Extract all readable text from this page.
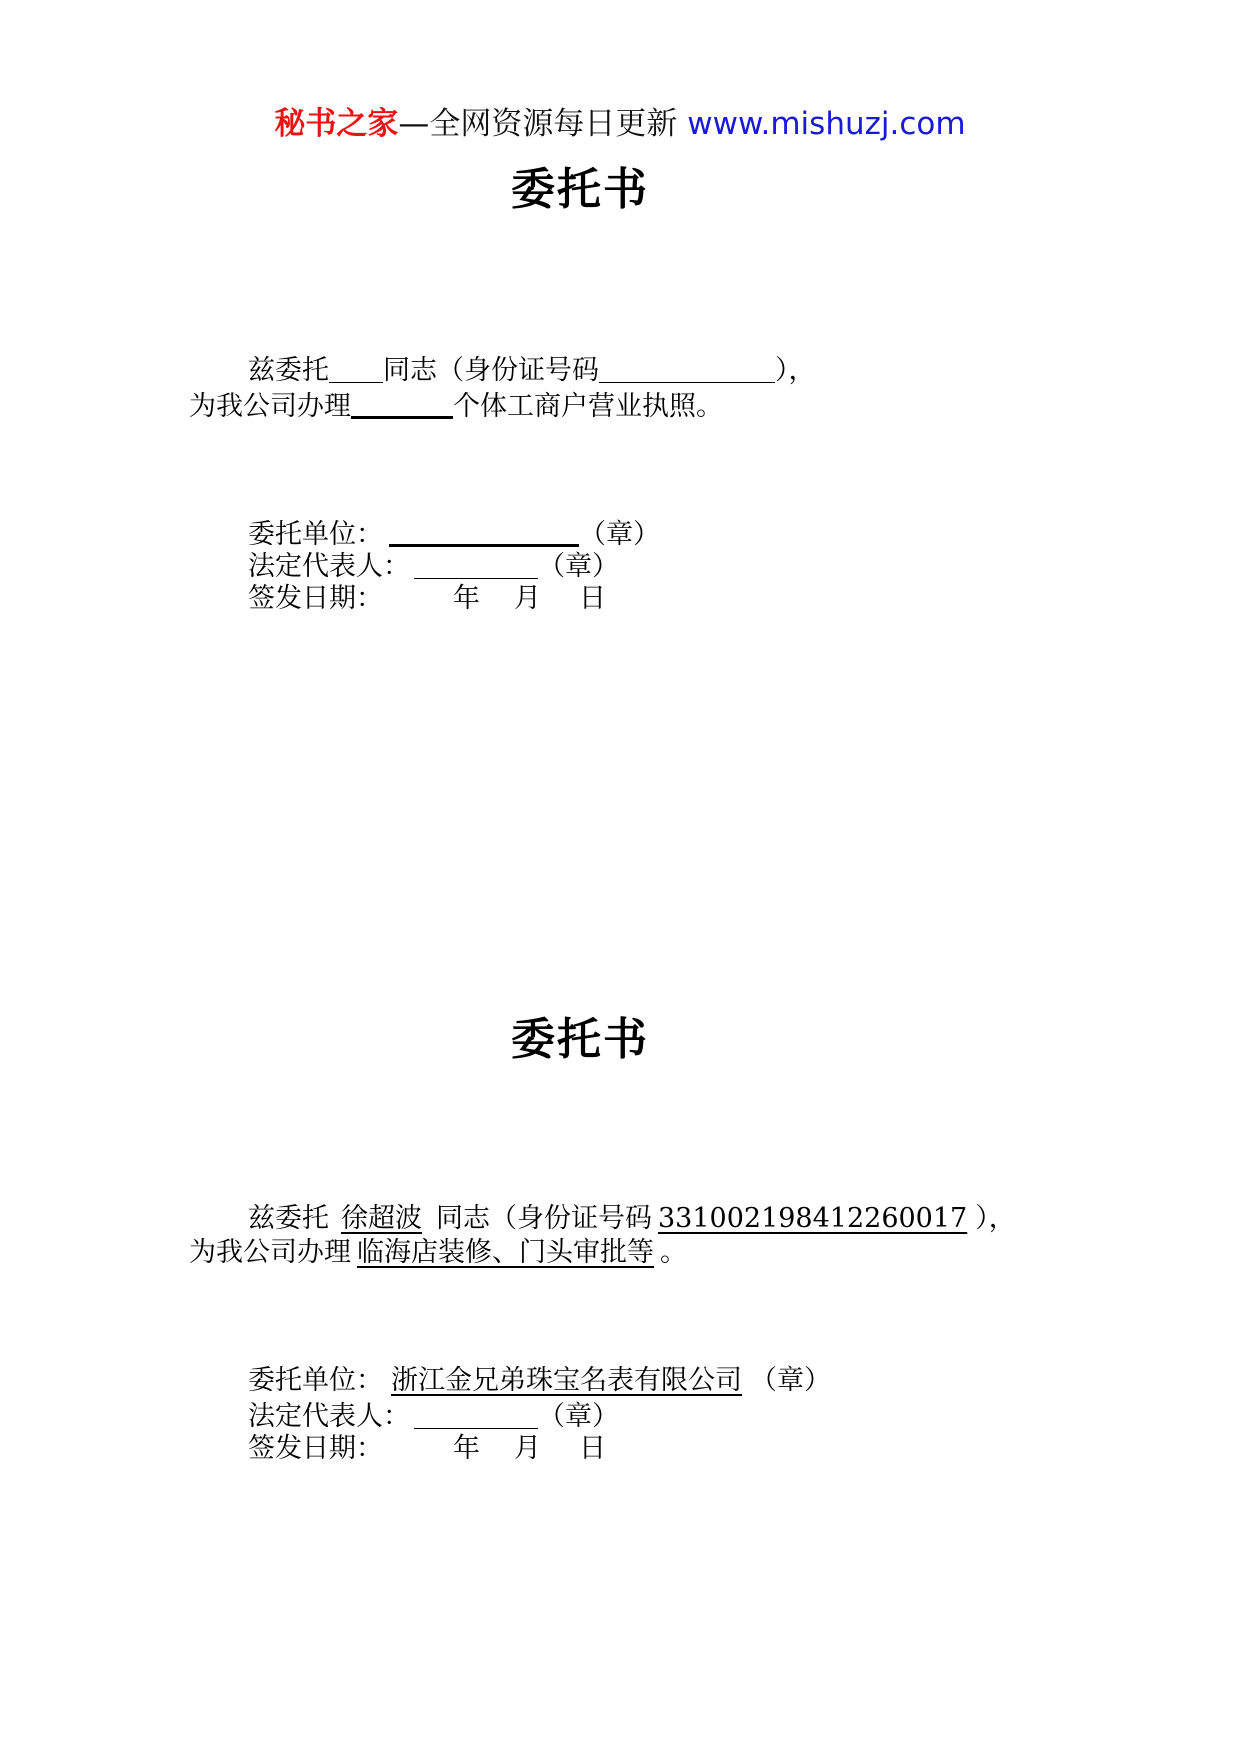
秘书之家—全网资源每日更新 www.mishuzj.com
委托书
兹委托 同志（身份证号码	），
为我公司办理	个体工商户营业执照。
委托单位：	（章）
法定代表人：	（章）
签发日期：	年 月 日
委托书
兹委托 徐超波 同志（身份证号码 331002198412260017 ），
为我公司办理 临海店装修、门头审批等 。
委托单位： 浙江金兄弟珠宝名表有限公司 （章）
法定代表人：	（章）
签发日期：	年 月 日
